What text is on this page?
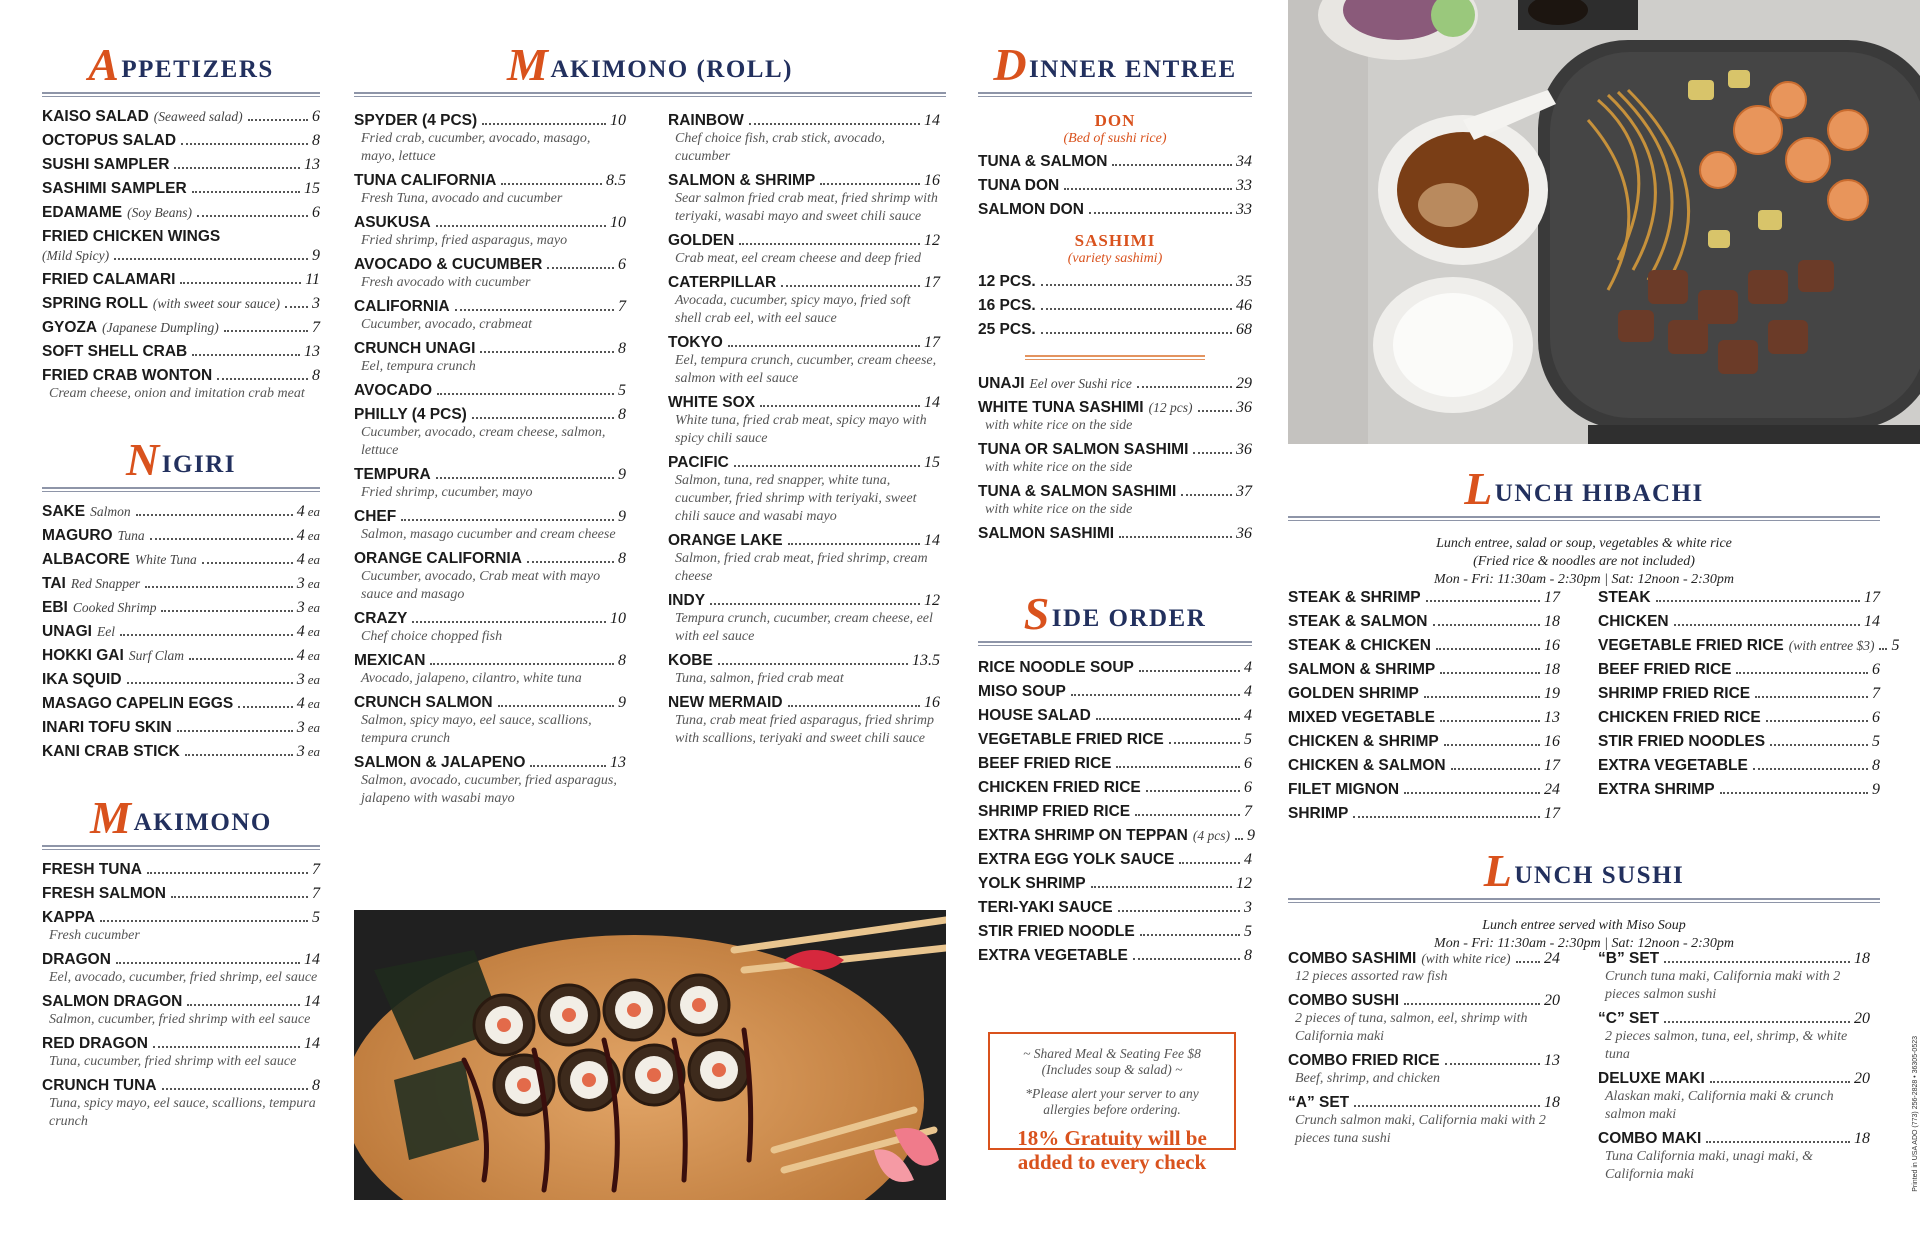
APPETIZERS
KAISO SALAD (Seaweed salad)	6
OCTOPUS SALAD	8
SUSHI SAMPLER	13
SASHIMI SAMPLER	15
EDAMAME (Soy Beans)	6
FRIED CHICKEN WINGS
(Mild Spicy)	9
FRIED CALAMARI	11
SPRING ROLL (with sweet sour sauce) 3
GYOZA (Japanese Dumpling)	7
SOFT SHELL CRAB	13
FRIED CRAB WONTON	8
Cream cheese, onion and imitation crab meat
NIGIRI
SAKE Salmon	4 ea
MAGURO Tuna	4 ea
ALBACORE White Tuna	4 ea
TAI Red Snapper	3 ea
EBI Cooked Shrimp	3 ea
UNAGI Eel	4 ea
HOKKI GAI Surf Clam	4 ea
IKA SQUID	3 ea
MASAGO CAPELIN EGGS	4 ea
INARI TOFU SKIN	3 ea
KANI CRAB STICK	3 ea
MAKIMONO
FRESH TUNA	7
FRESH SALMON	7
KAPPA	5
Fresh cucumber
DRAGON	14
Eel, avocado, cucumber, fried shrimp, eel sauce
SALMON DRAGON	14
Salmon, cucumber, fried shrimp with eel sauce
RED DRAGON	14
Tuna, cucumber, fried shrimp with eel sauce
CRUNCH TUNA	8
Tuna, spicy mayo, eel sauce, scallions, tempura crunch
MAKIMONO (ROLL)
SPYDER (4 PCS)	10
Fried crab, cucumber, avocado, masago, mayo, lettuce
TUNA CALIFORNIA	8.5
Fresh Tuna, avocado and cucumber
ASUKUSA	10
Fried shrimp, fried asparagus, mayo
AVOCADO & CUCUMBER	6
Fresh avocado with cucumber
CALIFORNIA	7
Cucumber, avocado, crabmeat
CRUNCH UNAGI	8
Eel, tempura crunch
AVOCADO	5
PHILLY (4 PCS)	8
Cucumber, avocado, cream cheese, salmon, lettuce
TEMPURA	9
Fried shrimp, cucumber, mayo
CHEF	9
Salmon, masago cucumber and cream cheese
ORANGE CALIFORNIA	8
Cucumber, avocado, Crab meat with mayo sauce and masago
CRAZY	10
Chef choice chopped fish
MEXICAN	8
Avocado, jalapeno, cilantro, white tuna
CRUNCH SALMON	9
Salmon, spicy mayo, eel sauce, scallions, tempura crunch
SALMON & JALAPENO	13
Salmon, avocado, cucumber, fried asparagus, jalapeno with wasabi mayo
RAINBOW	14
Chef choice fish, crab stick, avocado, cucumber
SALMON & SHRIMP	16
Sear salmon fried crab meat, fried shrimp with teriyaki, wasabi mayo and sweet chili sauce
GOLDEN	12
Crab meat, eel cream cheese and deep fried
CATERPILLAR	17
Avocada, cucumber, spicy mayo, fried soft shell crab eel, with eel sauce
TOKYO	17
Eel, tempura crunch, cucumber, cream cheese, salmon with eel sauce
WHITE SOX	14
White tuna, fried crab meat, spicy mayo with spicy chili sauce
PACIFIC	15
Salmon, tuna, red snapper, white tuna, cucumber, fried shrimp with teriyaki, sweet chili sauce and wasabi mayo
ORANGE LAKE	14
Salmon, fried crab meat, fried shrimp, cream cheese
INDY	12
Tempura crunch, cucumber, cream cheese, eel with eel sauce
KOBE	13.5
Tuna, salmon, fried crab meat
NEW MERMAID	16
Tuna, crab meat fried asparagus, fried shrimp with scallions, teriyaki and sweet chili sauce
DINNER ENTREE
DON
(Bed of sushi rice)
TUNA & SALMON	34
TUNA DON	33
SALMON DON	33
SASHIMI
(variety sashimi)
12 PCS.	35
16 PCS.	46
25 PCS.	68
UNAJI Eel over Sushi rice	29
WHITE TUNA SASHIMI (12 pcs)	36
with white rice on the side
TUNA OR SALMON SASHIMI	36
with white rice on the side
TUNA & SALMON SASHIMI	37
with white rice on the side
SALMON SASHIMI	36
SIDE ORDER
RICE NOODLE SOUP	4
MISO SOUP	4
HOUSE SALAD	4
VEGETABLE FRIED RICE	5
BEEF FRIED RICE	6
CHICKEN FRIED RICE	6
SHRIMP FRIED RICE	7
EXTRA SHRIMP ON TEPPAN (4 pcs) 9
EXTRA EGG YOLK SAUCE	4
YOLK SHRIMP	12
TERI-YAKI SAUCE	3
STIR FRIED NOODLE	5
EXTRA VEGETABLE	8
~ Shared Meal & Seating Fee $8
(Includes soup & salad) ~
*Please alert your server to any
allergies before ordering.
18% Gratuity will be
added to every check
LUNCH HIBACHI
Lunch entree, salad or soup, vegetables & white rice
(Fried rice & noodles are not included)
Mon - Fri: 11:30am - 2:30pm | Sat: 12noon - 2:30pm
STEAK & SHRIMP	17
STEAK & SALMON	18
STEAK & CHICKEN	16
SALMON & SHRIMP	18
GOLDEN SHRIMP	19
MIXED VEGETABLE	13
CHICKEN & SHRIMP	16
CHICKEN & SALMON	17
FILET MIGNON	24
SHRIMP	17
STEAK	17
CHICKEN	14
VEGETABLE FRIED RICE (with entree $3) 5
BEEF FRIED RICE	6
SHRIMP FRIED RICE	7
CHICKEN FRIED RICE	6
STIR FRIED NOODLES	5
EXTRA VEGETABLE	8
EXTRA SHRIMP	9
LUNCH SUSHI
Lunch entree served with Miso Soup
Mon - Fri: 11:30am - 2:30pm | Sat: 12noon - 2:30pm
COMBO SASHIMI (with white rice) 24
12 pieces assorted raw fish
COMBO SUSHI	20
2 pieces of tuna, salmon, eel, shrimp with California maki
COMBO FRIED RICE	13
Beef, shrimp, and chicken
“A” SET	18
Crunch salmon maki, California maki with 2 pieces tuna sushi
“B” SET	18
Crunch tuna maki, California maki with 2 pieces salmon sushi
“C” SET	20
2 pieces salmon, tuna, eel, shrimp, & white tuna
DELUXE MAKI	20
Alaskan maki, California maki & crunch salmon maki
COMBO MAKI	18
Tuna California maki, unagi maki, & California maki	Printed in USA ADO (773) 256-2828 • 36305-0523
